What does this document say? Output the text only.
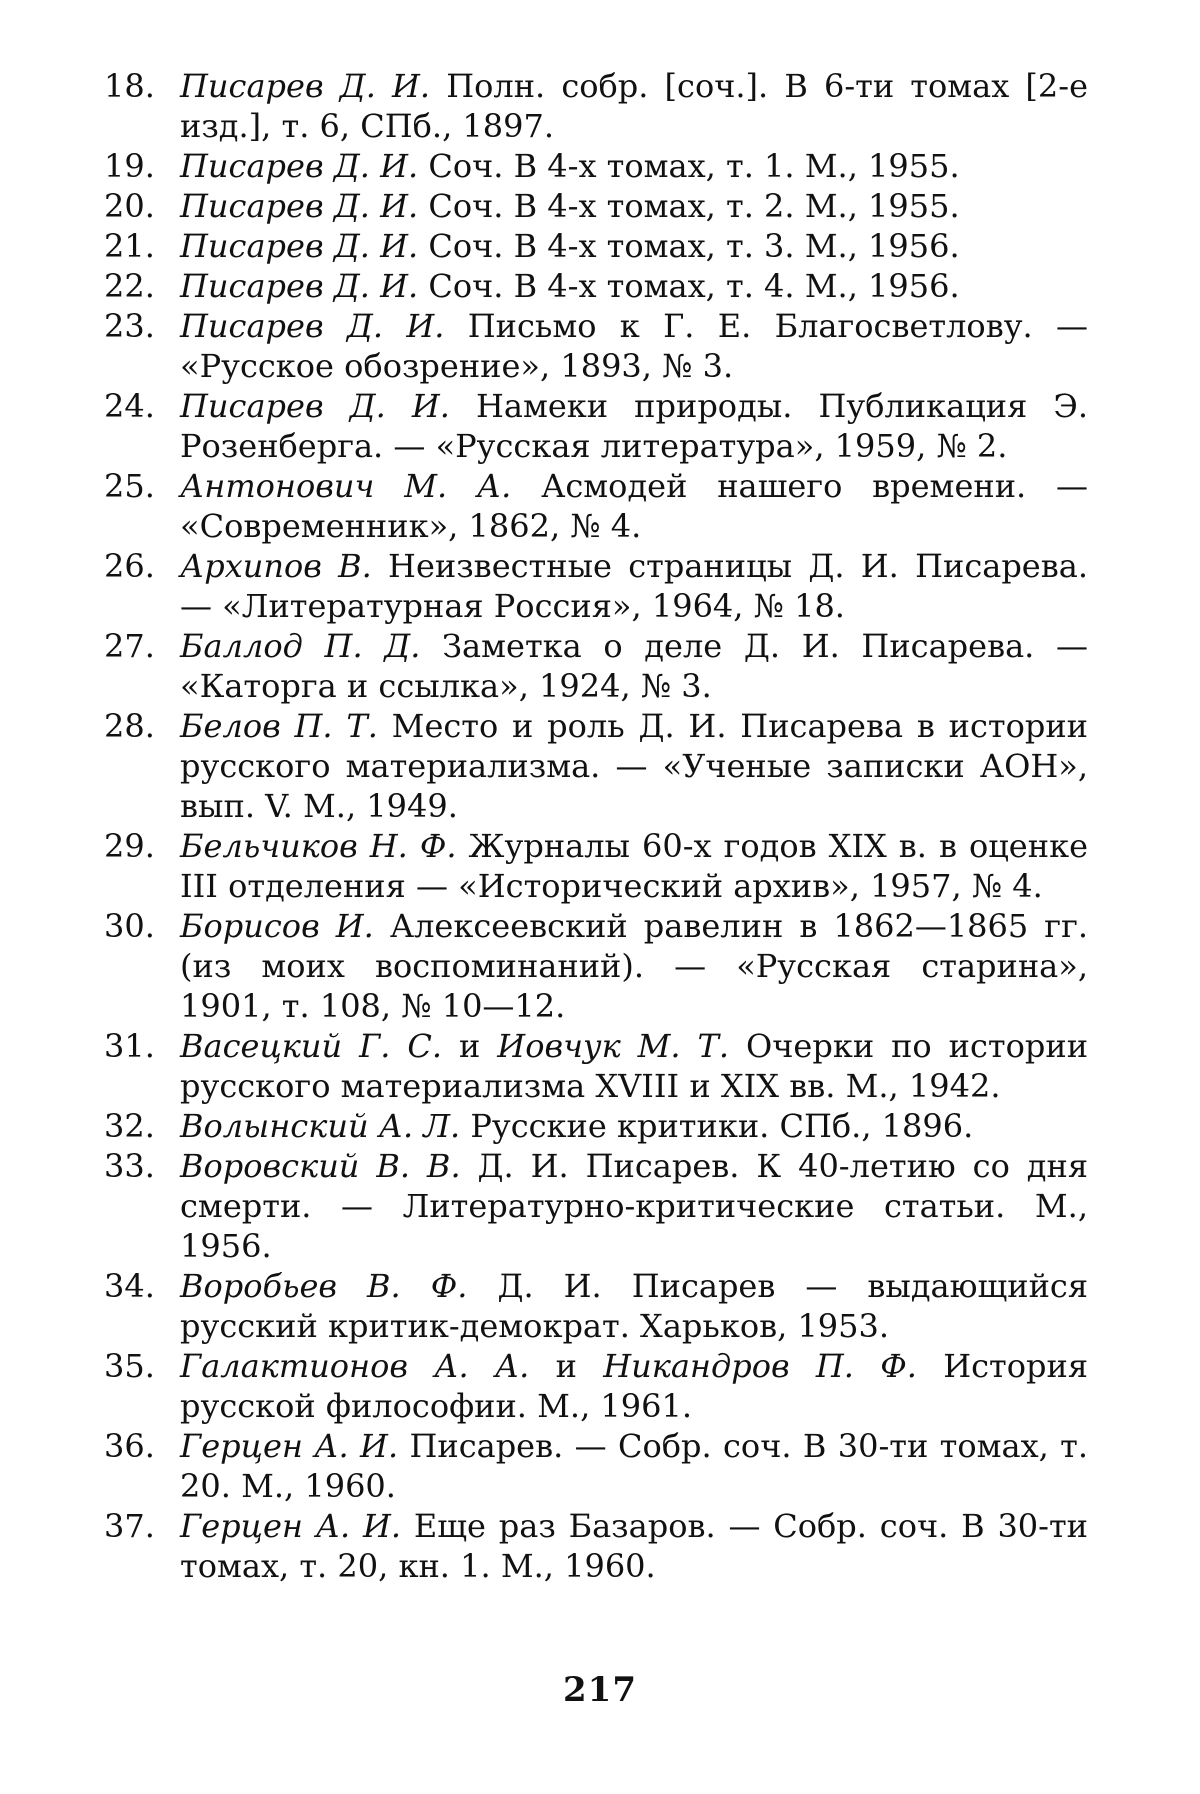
18. Писарев Д. И. Полн. собр. [соч.]. В 6-ти томах [2-е изд.], т. 6, СПб., 1897.
19. Писарев Д. И. Соч. В 4-х томах, т. 1. М., 1955.
20. Писарев Д. И. Соч. В 4-х томах, т. 2. М., 1955.
21. Писарев Д. И. Соч. В 4-х томах, т. 3. М., 1956.
22. Писарев Д. И. Соч. В 4-х томах, т. 4. М., 1956.
23. Писарев Д. И. Письмо к Г. Е. Благосветлову. — «Русское обозрение», 1893, № 3.
24. Писарев Д. И. Намеки природы. Публикация Э. Розенберга. — «Русская литература», 1959, № 2.
25. Антонович М. А. Асмодей нашего времени. — «Современник», 1862, № 4.
26. Архипов В. Неизвестные страницы Д. И. Писарева. — «Литературная Россия», 1964, № 18.
27. Баллод П. Д. Заметка о деле Д. И. Писарева. — «Каторга и ссылка», 1924, № 3.
28. Белов П. Т. Место и роль Д. И. Писарева в истории русского материализма. — «Ученые записки АОН», вып. V. М., 1949.
29. Бельчиков Н. Ф. Журналы 60-х годов XIX в. в оценке III отделения — «Исторический архив», 1957, № 4.
30. Борисов И. Алексеевский равелин в 1862—1865 гг. (из моих воспоминаний). — «Русская старина», 1901, т. 108, № 10—12.
31. Васецкий Г. С. и Иовчук М. Т. Очерки по истории русского материализма XVIII и XIX вв. М., 1942.
32. Волынский А. Л. Русские критики. СПб., 1896.
33. Воровский В. В. Д. И. Писарев. К 40-летию со дня смерти. — Литературно-критические статьи. М., 1956.
34. Воробьев В. Ф. Д. И. Писарев — выдающийся русский критик-демократ. Харьков, 1953.
35. Галактионов А. А. и Никандров П. Ф. История русской философии. М., 1961.
36. Герцен А. И. Писарев. — Собр. соч. В 30-ти томах, т. 20. М., 1960.
37. Герцен А. И. Еще раз Базаров. — Собр. соч. В 30-ти томах, т. 20, кн. 1. М., 1960.
217
